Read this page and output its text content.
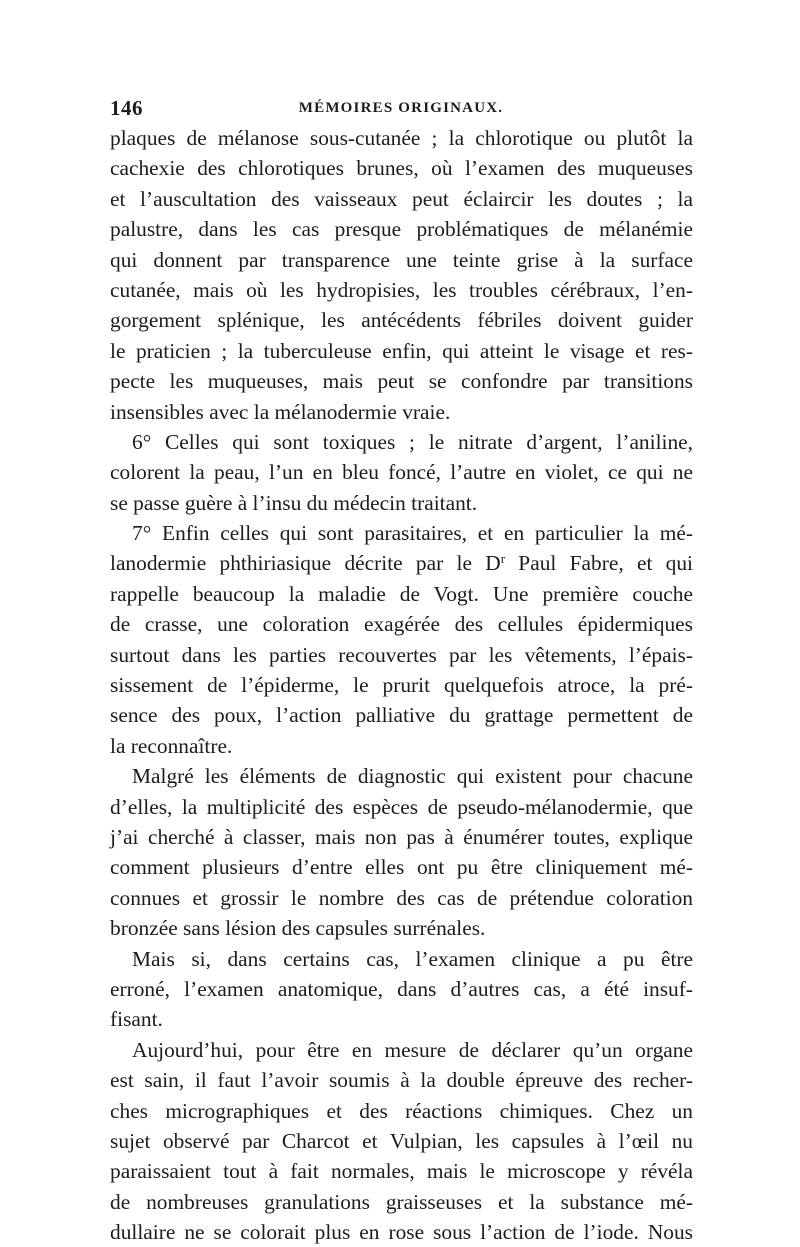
146	MÉMOIRES ORIGINAUX.
plaques de mélanose sous-cutanée ; la chlorotique ou plutôt la
cachexie des chlorotiques brunes, où l’examen des muqueuses
et l’auscultation des vaisseaux peut éclaircir les doutes ; la
palustre, dans les cas presque problématiques de mélanémie
qui donnent par transparence une teinte grise à la surface
cutanée, mais où les hydropisies, les troubles cérébraux, l’en-
gorgement splénique, les antécédents fébriles doivent guider
le praticien ; la tuberculeuse enfin, qui atteint le visage et res-
pecte les muqueuses, mais peut se confondre par transitions
insensibles avec la mélanodermie vraie.
6° Celles qui sont toxiques ; le nitrate d’argent, l’aniline,
colorent la peau, l’un en bleu foncé, l’autre en violet, ce qui ne
se passe guère à l’insu du médecin traitant.
7° Enfin celles qui sont parasitaires, et en particulier la mé-
lanodermie phthiriasique décrite par le $D^r$ Paul Fabre, et qui
rappelle beaucoup la maladie de Vogt. Une première couche
de crasse, une coloration exagérée des cellules épidermiques
surtout dans les parties recouvertes par les vêtements, l’épais-
sissement de l’épiderme, le prurit quelquefois atroce, la pré-
sence des poux, l’action palliative du grattage permettent de
la reconnaître.
Malgré les éléments de diagnostic qui existent pour chacune
d’elles, la multiplicité des espèces de pseudo-mélanodermie, que
j’ai cherché à classer, mais non pas à énumérer toutes, explique
comment plusieurs d’entre elles ont pu être cliniquement mé-
connues et grossir le nombre des cas de prétendue coloration
bronzée sans lésion des capsules surrénales.
Mais si, dans certains cas, l’examen clinique a pu être
erroné, l’examen anatomique, dans d’autres cas, a été insuf-
fisant.
Aujourd’hui, pour être en mesure de déclarer qu’un organe
est sain, il faut l’avoir soumis à la double épreuve des recher-
ches micrographiques et des réactions chimiques. Chez un
sujet observé par Charcot et Vulpian, les capsules à l’œil nu
paraissaient tout à fait normales, mais le microscope y révéla
de nombreuses granulations graisseuses et la substance mé-
dullaire ne se colorait plus en rose sous l’action de l’iode. Nous
